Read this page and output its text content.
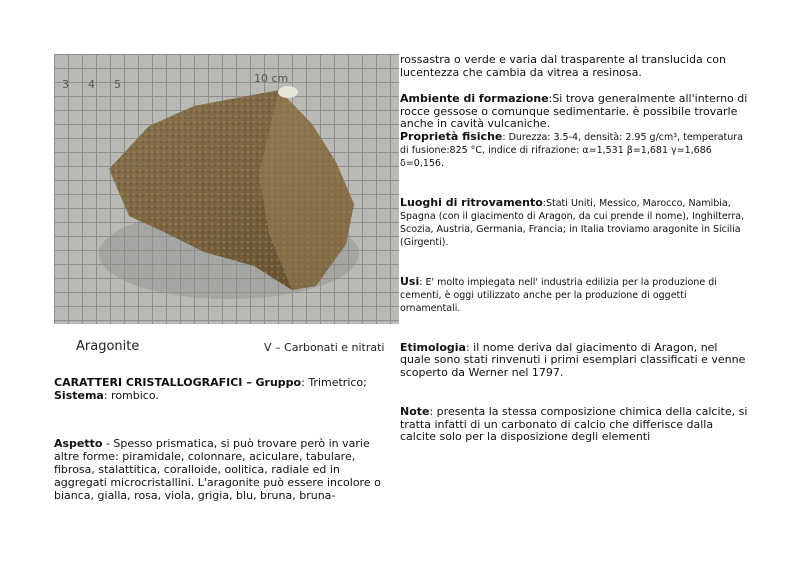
3 4 5	10 cm
Aragonite	V – Carbonati e nitrati

CARATTERI CRISTALLOGRAFICI – Gruppo: Trimetrico; Sistema: rombico.

Aspetto - Spesso prismatica, si può trovare però in varie altre forme: piramidale, colonnare, aciculare, tabulare, fibrosa, stalattitica, coralloide, oolitica, radiale ed in aggregati microcristallini. L'aragonite può essere incolore o bianca, gialla, rosa, viola, grigia, blu, bruna, bruna-

rossastra o verde e varia dal trasparente al translucida con lucentezza che cambia da vitrea a resinosa.

Ambiente di formazione:Si trova generalmente all'interno di rocce gessose o comunque sedimentarie. è possibile trovarle anche in cavità vulcaniche.

Proprietà fisiche: Durezza: 3.5-4, densità: 2.95 g/cm³, temperatura di fusione:825 °C, indice di rifrazione: α=1,531 β=1,681 γ=1,686 δ=0,156.

Luoghi di ritrovamento:Stati Uniti, Messico, Marocco, Namibia, Spagna (con il giacimento di Aragon, da cui prende il nome), Inghilterra, Scozia, Austria, Germania, Francia; in Italia troviamo aragonite in Sicilia (Girgenti).

Usi: E' molto impiegata nell' industria edilizia per la produzione di cementi, è oggi utilizzato anche per la produzione di oggetti ornamentali.

Etimologia: il nome deriva dal giacimento di Aragon, nel quale sono stati rinvenuti i primi esemplari classificati e venne scoperto da Werner nel 1797.

Note: presenta la stessa composizione chimica della calcite, si tratta infatti di un carbonato di calcio che differisce dalla calcite solo per la disposizione degli elementi
